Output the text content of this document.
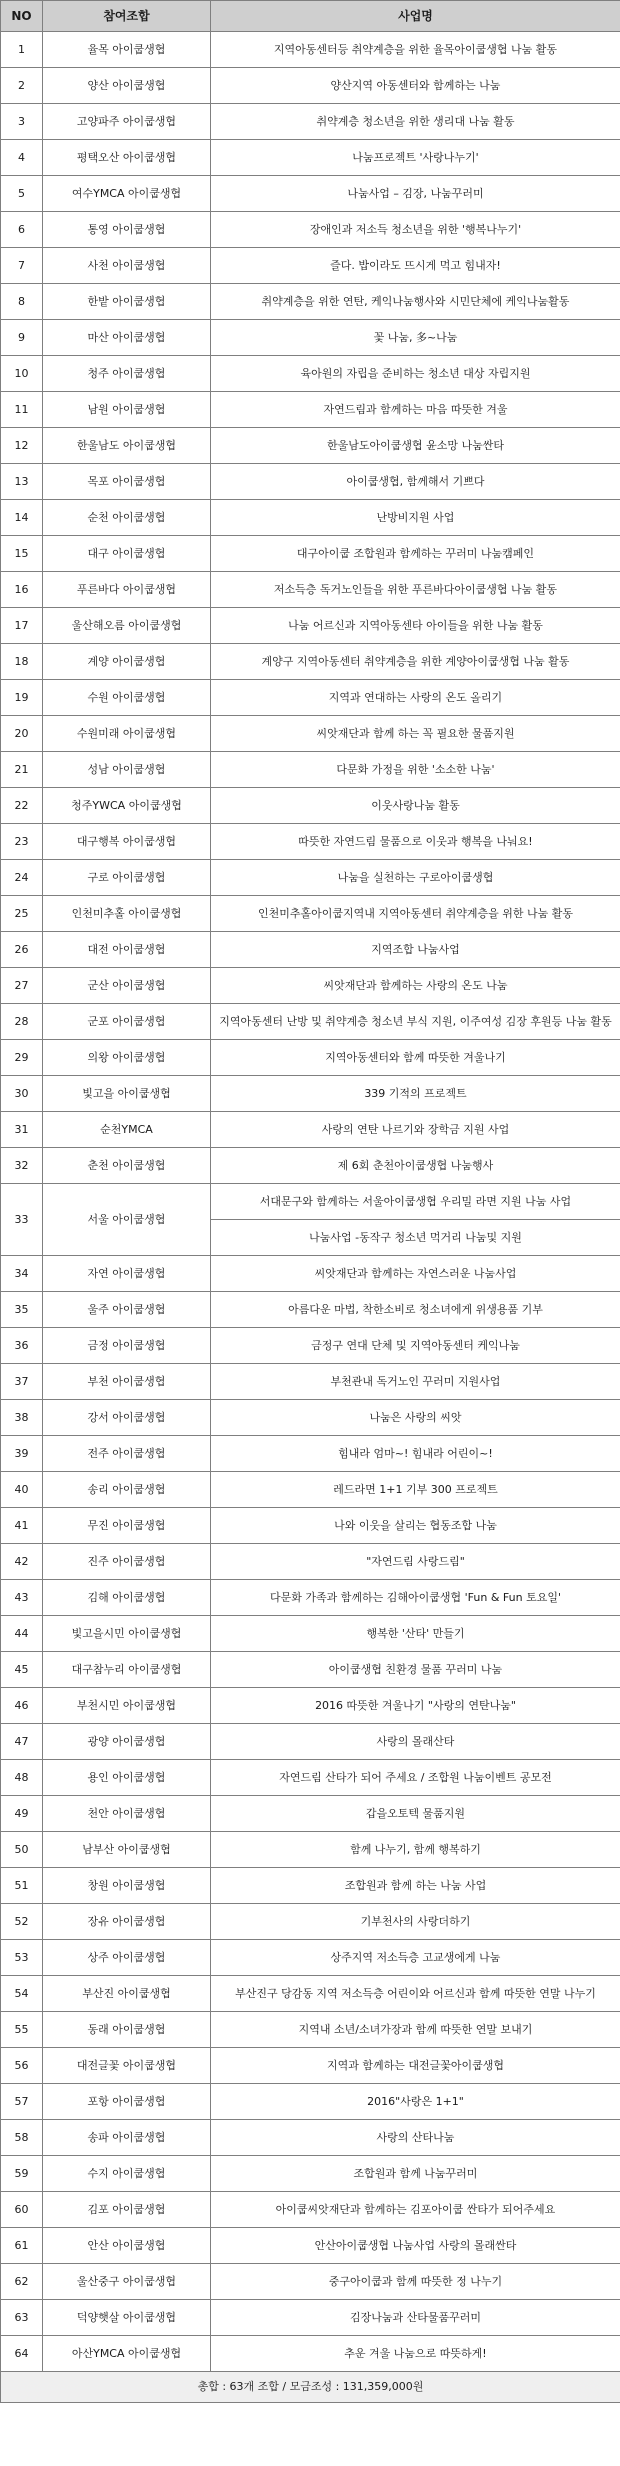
NO	참여조합	사업명
1	율목 아이쿱생협	지역아동센터등 취약계층을 위한 율목아이쿱생협 나눔 활동
2	양산 아이쿱생협	양산지역 아동센터와 함께하는 나눔
3	고양파주 아이쿱생협	취약계층 청소년을 위한 생리대 나눔 활동
4	평택오산 아이쿱생협	나눔프로젝트 '사랑나누기'
5	여수YMCA 아이쿱생협	나눔사업 – 김장, 나눔꾸러미
6	통영 아이쿱생협	장애인과 저소득 청소년을 위한 '행복나누기'
7	사천 아이쿱생협	즐다. 밥이라도 뜨시게 먹고 힘내자!
8	한밭 아이쿱생협	취약계층을 위한 연탄, 케익나눔행사와 시민단체에 케익나눔활동
9	마산 아이쿱생협	꽃 나눔, 多~나눔
10	청주 아이쿱생협	육아원의 자립을 준비하는 청소년 대상 자립지원
11	남원 아이쿱생협	자연드림과 함께하는 마음 따뜻한 겨울
12	한울남도 아이쿱생협	한울남도아이쿱생협 윤소망 나눔싼타
13	목포 아이쿱생협	아이쿱생협, 함께해서 기쁘다
14	순천 아이쿱생협	난방비지원 사업
15	대구 아이쿱생협	대구아이쿱 조합원과 함께하는 꾸러미 나눔캠페인
16	푸른바다 아이쿱생협	저소득층 독거노인들을 위한 푸른바다아이쿱생협 나눔 활동
17	울산해오름 아이쿱생협	나눔 어르신과 지역아동센타 아이들을 위한 나눔 활동
18	계양 아이쿱생협	계양구 지역아동센터 취약계층을 위한 계양아이쿱생협 나눔 활동
19	수원 아이쿱생협	지역과 연대하는 사랑의 온도 올리기
20	수원미래 아이쿱생협	씨앗재단과 함께 하는 꼭 필요한 물품지원
21	성남 아이쿱생협	다문화 가정을 위한 '소소한 나눔'
22	청주YWCA 아이쿱생협	이웃사랑나눔 활동
23	대구행복 아이쿱생협	따뜻한 자연드림 물품으로 이웃과 행복을 나눠요!
24	구로 아이쿱생협	나눔을 실천하는 구로아이쿱생협
25	인천미추홀 아이쿱생협	인천미추홀아이쿱지역내 지역아동센터 취약계층을 위한 나눔 활동
26	대전 아이쿱생협	지역조합 나눔사업
27	군산 아이쿱생협	씨앗재단과 함께하는 사랑의 온도 나눔
28	군포 아이쿱생협	지역아동센터 난방 및 취약계층 청소년 부식 지원, 이주여성 김장 후원등 나눔 활동
29	의왕 아이쿱생협	지역아동센터와 함께 따뜻한 겨울나기
30	빛고을 아이쿱생협	339 기적의 프로젝트
31	순천YMCA	사랑의 연탄 나르기와 장학금 지원 사업
32	춘천 아이쿱생협	제 6회 춘천아이쿱생협 나눔행사
33	서울 아이쿱생협	서대문구와 함께하는 서울아이쿱생협 우리밀 라면 지원 나눔 사업
		나눔사업 -동작구 청소년 먹거리 나눔및 지원
34	자연 아이쿱생협	씨앗재단과 함께하는 자연스러운 나눔사업
35	울주 아이쿱생협	아름다운 마법, 착한소비로 청소녀에게 위생용품 기부
36	금정 아이쿱생협	금정구 연대 단체 및 지역아동센터 케익나눔
37	부천 아이쿱생협	부천관내 독거노인 꾸러미 지원사업
38	강서 아이쿱생협	나눔은 사랑의 씨앗
39	전주 아이쿱생협	힘내라 엄마~! 힘내라 어린이~!
40	송리 아이쿱생협	레드라면 1+1 기부 300 프로젝트
41	무진 아이쿱생협	나와 이웃을 살리는 협동조합 나눔
42	진주 아이쿱생협	"자연드림 사랑드림"
43	김해 아이쿱생협	다문화 가족과 함께하는 김해아이쿱생협 'Fun & Fun 토요일'
44	빛고을시민 아이쿱생협	행복한 '산타' 만들기
45	대구참누리 아이쿱생협	아이쿱생협 친환경 물품 꾸러미 나눔
46	부천시민 아이쿱생협	2016 따뜻한 겨울나기 "사랑의 연탄나눔"
47	광양 아이쿱생협	사랑의 몰래산타
48	용인 아이쿱생협	자연드림 산타가 되어 주세요 / 조합원 나눔이벤트 공모전
49	천안 아이쿱생협	갑을오토텍 물품지원
50	남부산 아이쿱생협	함께 나누기, 함께 행복하기
51	창원 아이쿱생협	조합원과 함께 하는 나눔 사업
52	장유 아이쿱생협	기부천사의 사랑더하기
53	상주 아이쿱생협	상주지역 저소득층 고교생에게 나눔
54	부산진 아이쿱생협	부산진구 당감동 지역 저소득층 어린이와 어르신과 함께 따뜻한 연말 나누기
55	동래 아이쿱생협	지역내 소년/소녀가장과 함께 따뜻한 연말 보내기
56	대전글꽃 아이쿱생협	지역과 함께하는 대전글꽃아이쿱생협
57	포항 아이쿱생협	2016"사랑은 1+1"
58	송파 아이쿱생협	사랑의 산타나눔
59	수지 아이쿱생협	조합원과 함께 나눔꾸러미
60	김포 아이쿱생협	아이쿱씨앗재단과 함께하는 김포아이쿱 싼타가 되어주세요
61	안산 아이쿱생협	안산아이쿱생협 나눔사업 사랑의 몰래싼타
62	울산중구 아이쿱생협	중구아이쿱과 함께 따뜻한 정 나누기
63	덕양햇살 아이쿱생협	김장나눔과 산타물품꾸러미
64	아산YMCA 아이쿱생협	추운 겨울 나눔으로 따뜻하게!
총합 : 63개 조합 / 모금조성 : 131,359,000원		
